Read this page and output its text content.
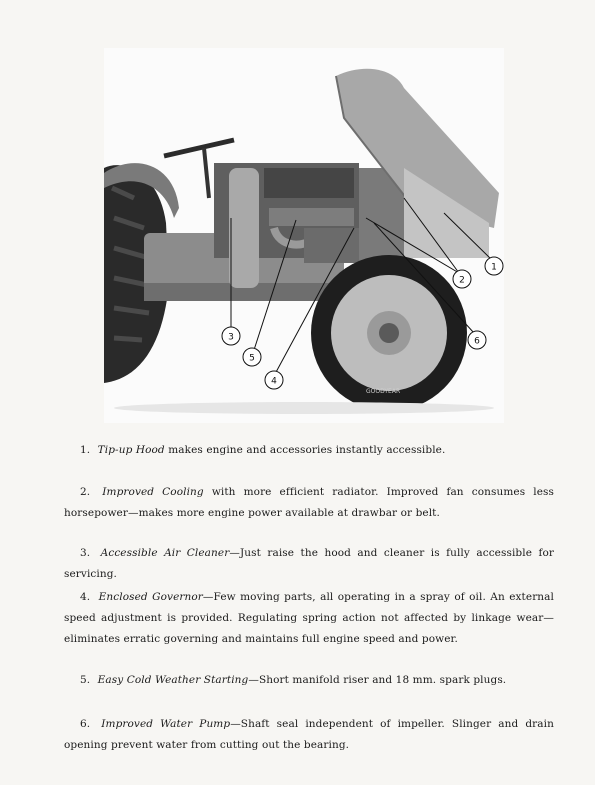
GOODYEAR
1
2
3
5
4
6
1. Tip-up Hood makes engine and accessories instantly accessible.
2. Improved Cooling with more efficient radiator. Improved fan consumes less horsepower—makes more engine power available at drawbar or belt.
3. Accessible Air Cleaner—Just raise the hood and cleaner is fully accessible for servicing.
4. Enclosed Governor—Few moving parts, all operating in a spray of oil. An external speed adjustment is provided. Regulating spring action not affected by linkage wear—eliminates erratic governing and maintains full engine speed and power.
5. Easy Cold Weather Starting—Short manifold riser and 18 mm. spark plugs.
6. Improved Water Pump—Shaft seal independent of impeller. Slinger and drain opening prevent water from cutting out the bearing.
